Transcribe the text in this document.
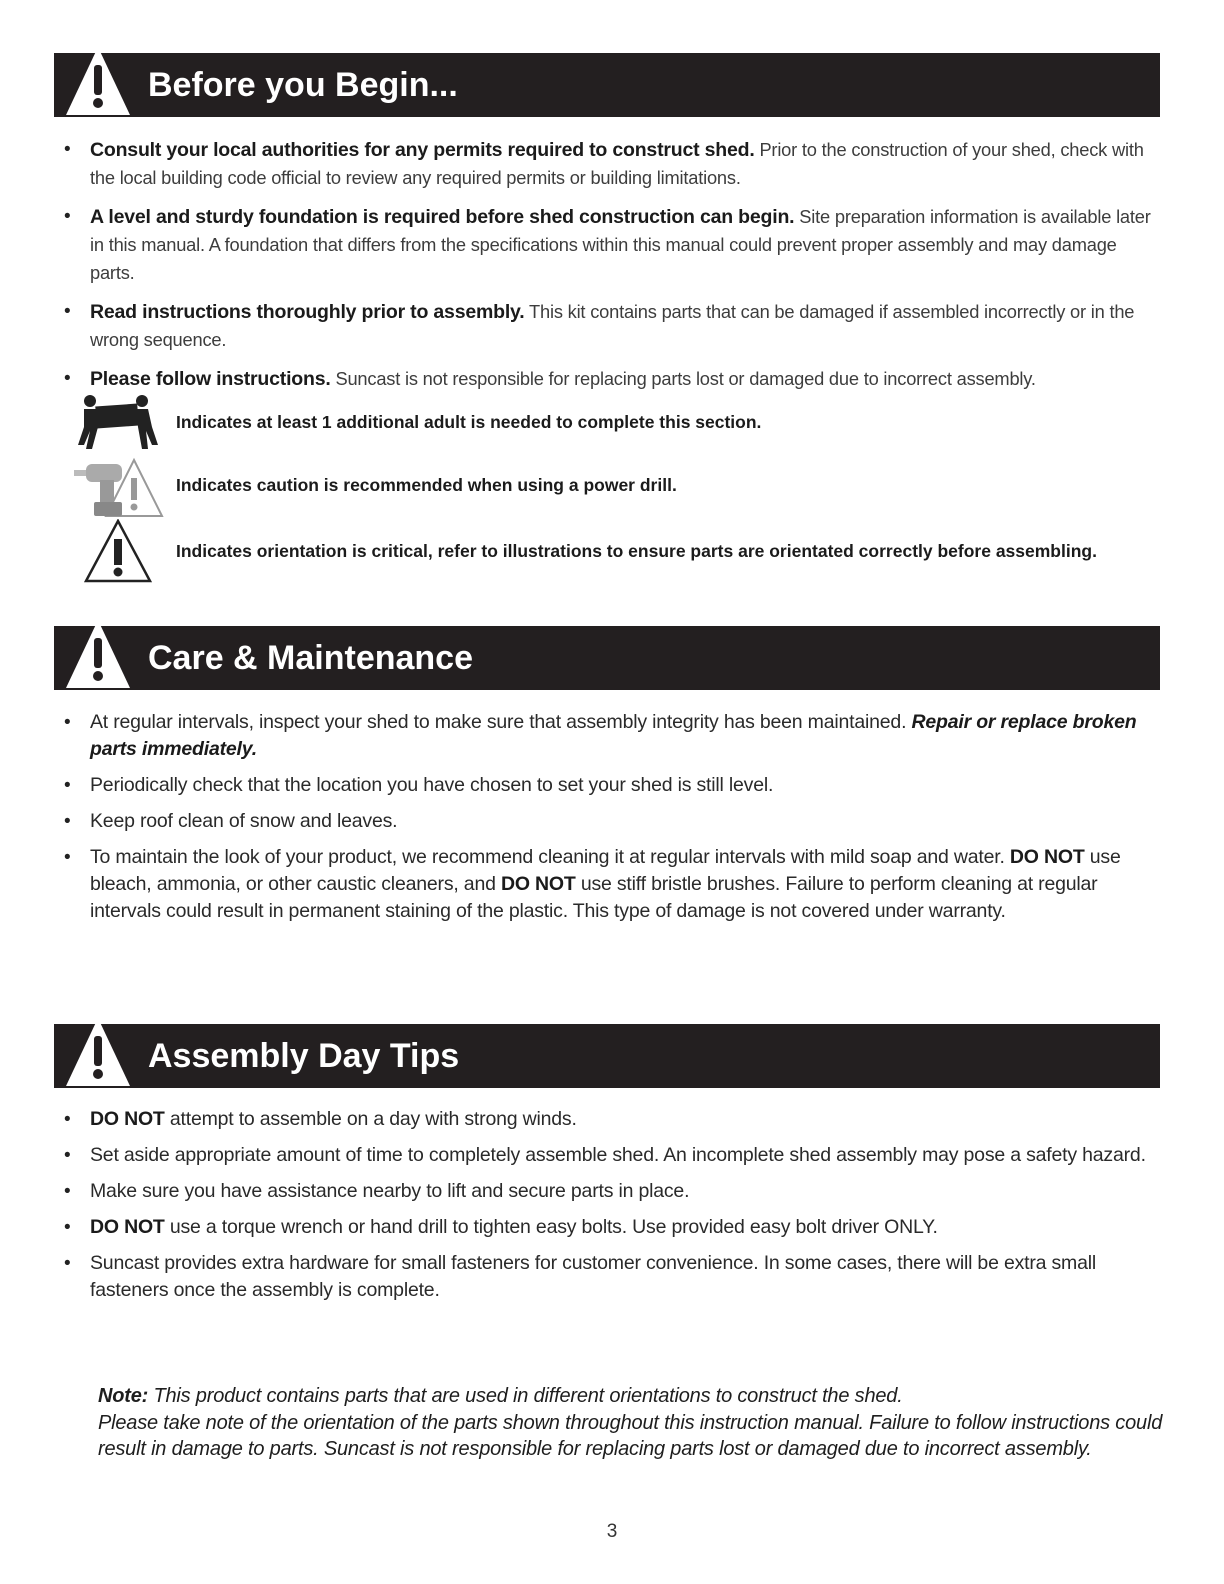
Before you Begin...
• Consult your local authorities for any permits required to construct shed. Prior to the construction of your shed, check with the local building code official to review any required permits or building limitations.
• A level and sturdy foundation is required before shed construction can begin. Site preparation information is available later in this manual. A foundation that differs from the specifications within this manual could prevent proper assembly and may damage parts.
• Read instructions thoroughly prior to assembly. This kit contains parts that can be damaged if assembled incorrectly or in the wrong sequence.
• Please follow instructions. Suncast is not responsible for replacing parts lost or damaged due to incorrect assembly.
Indicates at least 1 additional adult is needed to complete this section.
Indicates caution is recommended when using a power drill.
Indicates orientation is critical, refer to illustrations to ensure parts are orientated correctly before assembling.
Care & Maintenance
• At regular intervals, inspect your shed to make sure that assembly integrity has been maintained. Repair or replace broken parts immediately.
• Periodically check that the location you have chosen to set your shed is still level.
• Keep roof clean of snow and leaves.
• To maintain the look of your product, we recommend cleaning it at regular intervals with mild soap and water. DO NOT use bleach, ammonia, or other caustic cleaners, and DO NOT use stiff bristle brushes. Failure to perform cleaning at regular intervals could result in permanent staining of the plastic. This type of damage is not covered under warranty.
Assembly Day Tips
• DO NOT attempt to assemble on a day with strong winds.
• Set aside appropriate amount of time to completely assemble shed. An incomplete shed assembly may pose a safety hazard.
• Make sure you have assistance nearby to lift and secure parts in place.
• DO NOT use a torque wrench or hand drill to tighten easy bolts. Use provided easy bolt driver ONLY.
• Suncast provides extra hardware for small fasteners for customer convenience. In some cases, there will be extra small fasteners once the assembly is complete.
Note: This product contains parts that are used in different orientations to construct the shed.
Please take note of the orientation of the parts shown throughout this instruction manual. Failure to follow instructions could result in damage to parts. Suncast is not responsible for replacing parts lost or damaged due to incorrect assembly.
3
